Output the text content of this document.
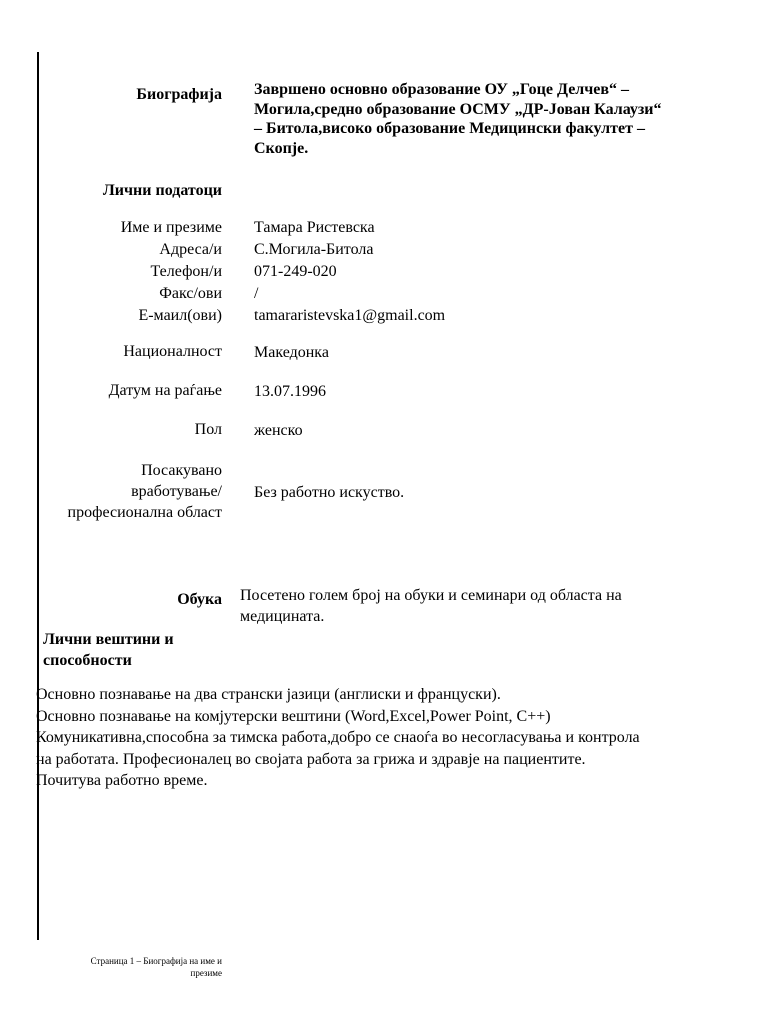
Биографија Завршено основно образование ОУ „Гоце Делчев“ –
Могила,средно образование ОСМУ „ДР-Јован Калаузи“
– Битола,високо образование Медицински факултет –
Скопје.
Лични податоци
Име и презиме
Адреса/и
Телефон/и
Факс/ови
Е-маил(ови)
Тамара Ристевска
С.Могила-Битола
071-249-020
/
tamararistevska1@gmail.com
Националност Македонка
Датум на раѓање 13.07.1996
Пол женско
Посакувано
вработување/
професионална област
Без работно искуство.
Обука Посетено голем број на обуки и семинари од областа на
медицината.
Лични вештини и
способности
Основно познавање на два странски јазици (англиски и француски).
Основно познавање на комјутерски вештини (Word,Excel,Power Point, C++)
Комуникативна,способна за тимска работа,добро се снаоѓа во несогласувања и контрола
на работата. Професионалец во својата работа за грижа и здравје на пациентите.
Почитува работно време.
Страница 1 – Биографија на име и
презиме
